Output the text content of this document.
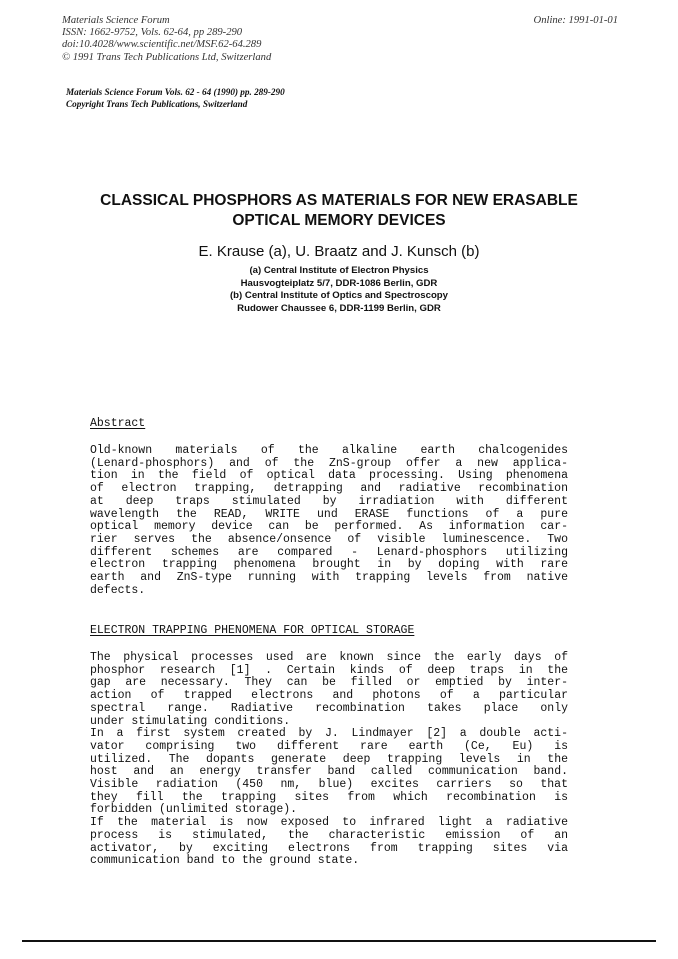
Materials Science Forum
ISSN: 1662-9752, Vols. 62-64, pp 289-290
doi:10.4028/www.scientific.net/MSF.62-64.289
© 1991 Trans Tech Publications Ltd, Switzerland
Online: 1991-01-01
Materials Science Forum Vols. 62 - 64 (1990) pp. 289-290
Copyright Trans Tech Publications, Switzerland
CLASSICAL PHOSPHORS AS MATERIALS FOR NEW ERASABLE
OPTICAL MEMORY DEVICES
E. Krause (a), U. Braatz and J. Kunsch (b)
(a) Central Institute of Electron Physics
Hausvogteiplatz 5/7, DDR-1086 Berlin, GDR
(b) Central Institute of Optics and Spectroscopy
Rudower Chaussee 6, DDR-1199 Berlin, GDR
Abstract
Old-known materials of the alkaline earth chalcogenides
(Lenard-phosphors) and of the ZnS-group offer a new applica-
tion in the field of optical data processing. Using phenomena
of electron trapping, detrapping and radiative recombination
at deep traps stimulated by irradiation with different
wavelength the READ, WRITE und ERASE functions of a pure
optical memory device can be performed. As information car-
rier serves the absence/onsence of visible luminescence. Two
different schemes are compared - Lenard-phosphors utilizing
electron trapping phenomena brought in by doping with rare
earth and ZnS-type running with trapping levels from native
defects.
ELECTRON TRAPPING PHENOMENA FOR OPTICAL STORAGE
The physical processes used are known since the early days of
phosphor research [1] . Certain kinds of deep traps in the
gap are necessary. They can be filled or emptied by inter-
action of trapped electrons and photons of a particular
spectral range. Radiative recombination takes place only
under stimulating conditions.
In a first system created by J. Lindmayer [2] a double acti-
vator comprising two different rare earth (Ce, Eu) is
utilized. The dopants generate deep trapping levels in the
host and an energy transfer band called communication band.
Visible radiation (450 nm, blue) excites carriers so that
they fill the trapping sites from which recombination is
forbidden (unlimited storage).
If the material is now exposed to infrared light a radiative
process is stimulated, the characteristic emission of an
activator, by exciting electrons from trapping sites via
communication band to the ground state.
